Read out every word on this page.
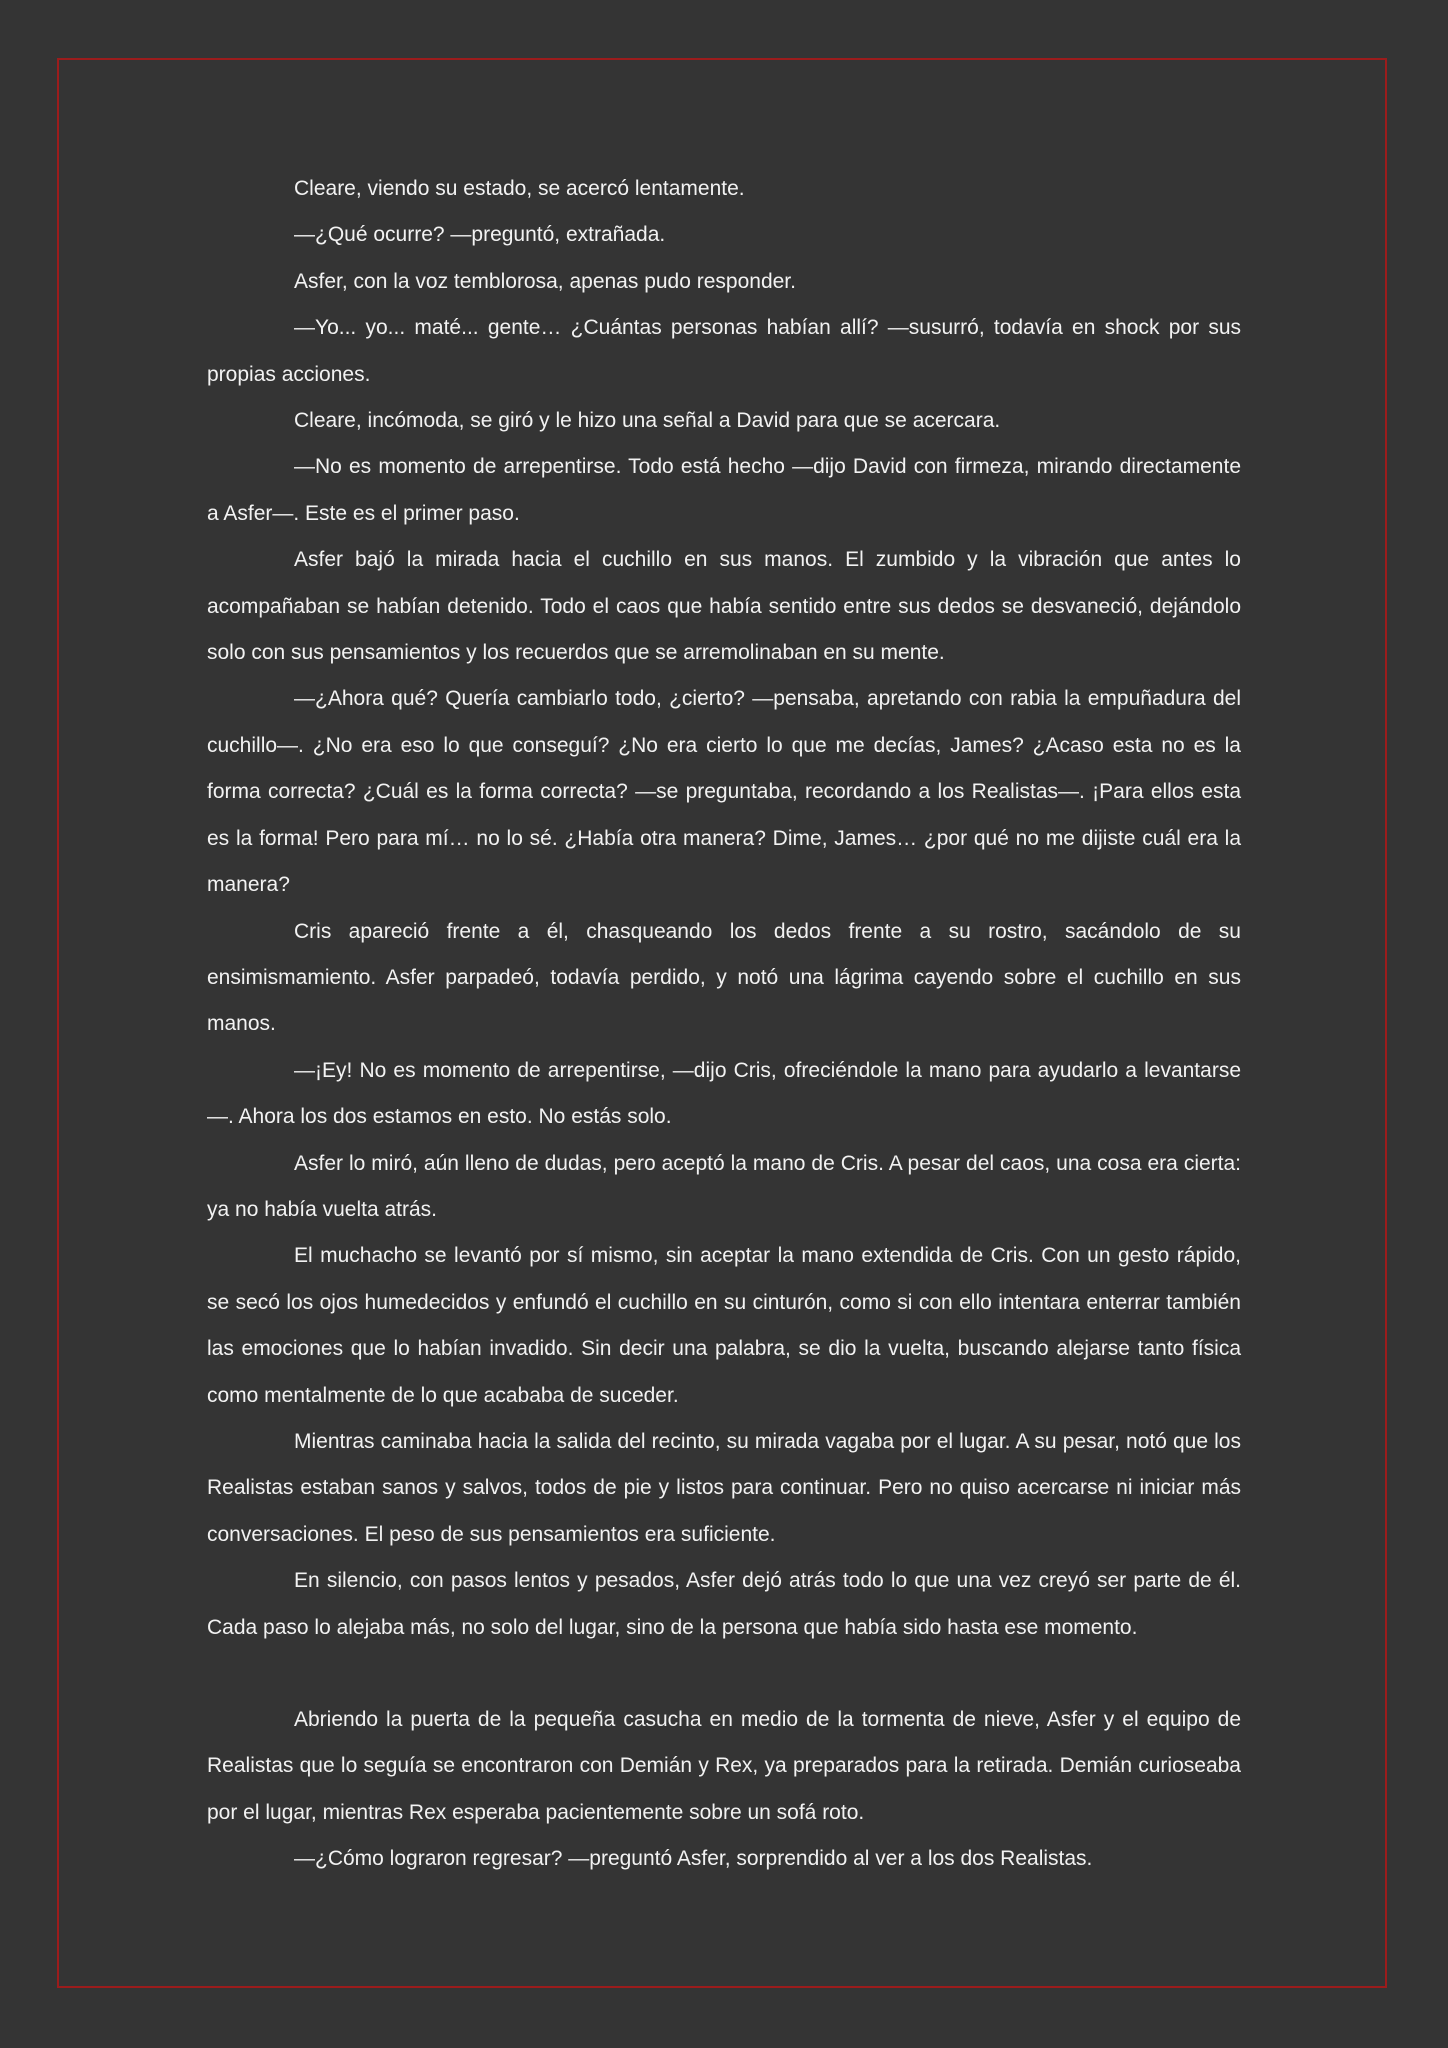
Cleare, viendo su estado, se acercó lentamente.

—¿Qué ocurre? —preguntó, extrañada.

Asfer, con la voz temblorosa, apenas pudo responder.

—Yo... yo... maté... gente… ¿Cuántas personas habían allí? —susurró, todavía en shock por sus propias acciones.

Cleare, incómoda, se giró y le hizo una señal a David para que se acercara.

—No es momento de arrepentirse. Todo está hecho —dijo David con firmeza, mirando directamente a Asfer—. Este es el primer paso.

Asfer bajó la mirada hacia el cuchillo en sus manos. El zumbido y la vibración que antes lo acompañaban se habían detenido. Todo el caos que había sentido entre sus dedos se desvaneció, dejándolo solo con sus pensamientos y los recuerdos que se arremolinaban en su mente.

—¿Ahora qué? Quería cambiarlo todo, ¿cierto? —pensaba, apretando con rabia la empuñadura del cuchillo—. ¿No era eso lo que conseguí? ¿No era cierto lo que me decías, James? ¿Acaso esta no es la forma correcta? ¿Cuál es la forma correcta? —se preguntaba, recordando a los Realistas—. ¡Para ellos esta es la forma! Pero para mí… no lo sé. ¿Había otra manera? Dime, James… ¿por qué no me dijiste cuál era la manera?

Cris apareció frente a él, chasqueando los dedos frente a su rostro, sacándolo de su ensimismamiento. Asfer parpadeó, todavía perdido, y notó una lágrima cayendo sobre el cuchillo en sus manos.

—¡Ey! No es momento de arrepentirse, —dijo Cris, ofreciéndole la mano para ayudarlo a levantarse—. Ahora los dos estamos en esto. No estás solo.

Asfer lo miró, aún lleno de dudas, pero aceptó la mano de Cris. A pesar del caos, una cosa era cierta: ya no había vuelta atrás.

El muchacho se levantó por sí mismo, sin aceptar la mano extendida de Cris. Con un gesto rápido, se secó los ojos humedecidos y enfundó el cuchillo en su cinturón, como si con ello intentara enterrar también las emociones que lo habían invadido. Sin decir una palabra, se dio la vuelta, buscando alejarse tanto física como mentalmente de lo que acababa de suceder.

Mientras caminaba hacia la salida del recinto, su mirada vagaba por el lugar. A su pesar, notó que los Realistas estaban sanos y salvos, todos de pie y listos para continuar. Pero no quiso acercarse ni iniciar más conversaciones. El peso de sus pensamientos era suficiente.

En silencio, con pasos lentos y pesados, Asfer dejó atrás todo lo que una vez creyó ser parte de él. Cada paso lo alejaba más, no solo del lugar, sino de la persona que había sido hasta ese momento.

Abriendo la puerta de la pequeña casucha en medio de la tormenta de nieve, Asfer y el equipo de Realistas que lo seguía se encontraron con Demián y Rex, ya preparados para la retirada. Demián curioseaba por el lugar, mientras Rex esperaba pacientemente sobre un sofá roto.

—¿Cómo lograron regresar? —preguntó Asfer, sorprendido al ver a los dos Realistas.
